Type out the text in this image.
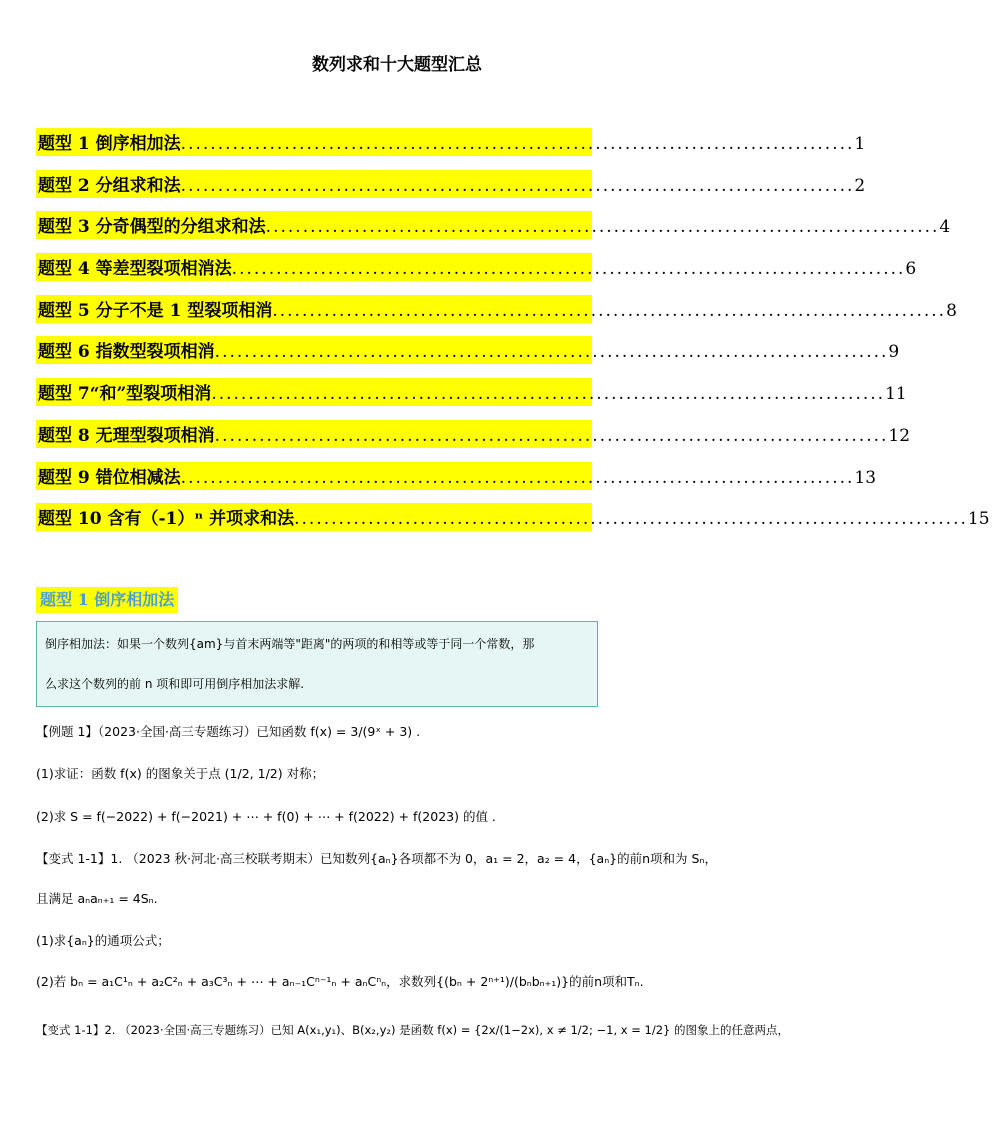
数列求和十大题型汇总
题型 1 倒序相加法 ........................................................................................... 1
题型 2 分组求和法 ........................................................................................... 2
题型 3 分奇偶型的分组求和法 ........................................................................................... 4
题型 4 等差型裂项相消法 ........................................................................................... 6
题型 5 分子不是 1 型裂项相消 ........................................................................................... 8
题型 6 指数型裂项相消 ........................................................................................... 9
题型 7“和”型裂项相消 ........................................................................................... 11
题型 8 无理型裂项相消 ........................................................................................... 12
题型 9 错位相减法 ........................................................................................... 13
题型 10 含有（-1）ⁿ 并项求和法 ........................................................................................... 15
题型 1 倒序相加法

倒序相加法：如果一个数列{am}与首末两端等"距离"的两项的和相等或等于同一个常数，那

么求这个数列的前 n 项和即可用倒序相加法求解.

【例题 1】（2023·全国·高三专题练习）已知函数 f(x) = 3/(9ˣ + 3) .
(1)求证：函数 f(x) 的图象关于点 (1/2, 1/2) 对称；
(2)求 S = f(−2022) + f(−2021) + ⋯ + f(0) + ⋯ + f(2022) + f(2023) 的值 .
【变式 1-1】1. （2023 秋·河北·高三校联考期末）已知数列{aₙ}各项都不为 0，a₁ = 2，a₂ = 4，{aₙ}的前n项和为 Sₙ，
且满足 aₙaₙ₊₁ = 4Sₙ.
(1)求{aₙ}的通项公式；
(2)若 bₙ = a₁C¹ₙ + a₂C²ₙ + a₃C³ₙ + ⋯ + aₙ₋₁Cⁿ⁻¹ₙ + aₙCⁿₙ，求数列{(bₙ + 2ⁿ⁺¹)/(bₙbₙ₊₁)}的前n项和Tₙ.
【变式 1-1】2. （2023·全国·高三专题练习）已知 A(x₁,y₁)、B(x₂,y₂) 是函数 f(x) = {2x/(1−2x), x ≠ 1/2; −1, x = 1/2} 的图象上的任意两点，
